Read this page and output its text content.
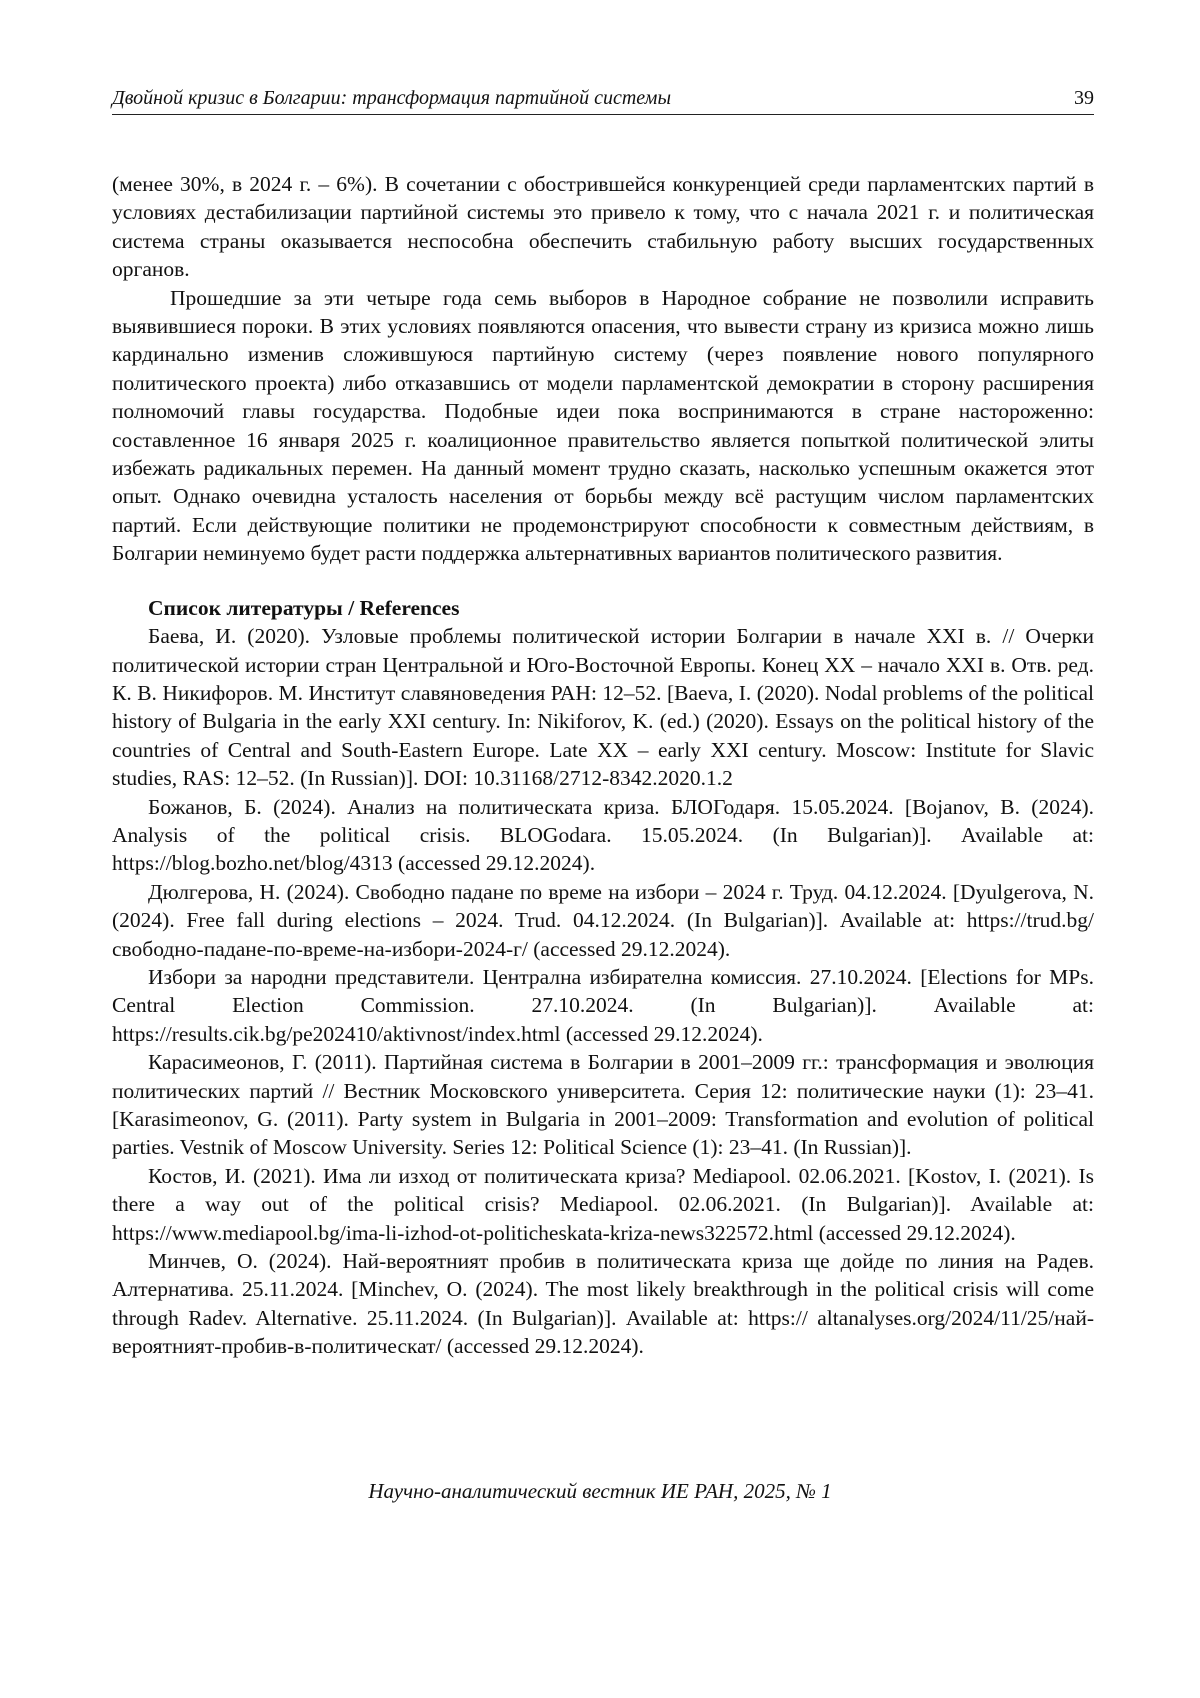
Двойной кризис в Болгарии: трансформация партийной системы	39

(менее 30%, в 2024 г. – 6%). В сочетании с обострившейся конкуренцией среди парламентских партий в условиях дестабилизации партийной системы это привело к тому, что с начала 2021 г. и политическая система страны оказывается неспособна обеспечить стабильную работу высших государственных органов.

Прошедшие за эти четыре года семь выборов в Народное собрание не позволили исправить выявившиеся пороки. В этих условиях появляются опасения, что вывести страну из кризиса можно лишь кардинально изменив сложившуюся партийную систему (через появление нового популярного политического проекта) либо отказавшись от модели парламентской демократии в сторону расширения полномочий главы государства. Подобные идеи пока воспринимаются в стране настороженно: составленное 16 января 2025 г. коалиционное правительство является попыткой политической элиты избежать радикальных перемен. На данный момент трудно сказать, насколько успешным окажется этот опыт. Однако очевидна усталость населения от борьбы между всё растущим числом парламентских партий. Если действующие политики не продемонстрируют способности к совместным действиям, в Болгарии неминуемо будет расти поддержка альтернативных вариантов политического развития.

Список литературы / References

Баева, И. (2020). Узловые проблемы политической истории Болгарии в начале XXI в. // Очерки политической истории стран Центральной и Юго-Восточной Европы. Конец XX – начало XXI в. Отв. ред. К. В. Никифоров. М. Институт славяноведения РАН: 12–52. [Baeva, I. (2020). Nodal problems of the political history of Bulgaria in the early XXI century. In: Nikiforov, K. (ed.) (2020). Essays on the political history of the countries of Central and South-Eastern Europe. Late XX – early XXI century. Moscow: Institute for Slavic studies, RAS: 12–52. (In Russian)]. DOI: 10.31168/2712-8342.2020.1.2

Божанов, Б. (2024). Анализ на политическата криза. БЛОГодаря. 15.05.2024. [Bojanov, B. (2024). Analysis of the political crisis. BLOGodara. 15.05.2024. (In Bulgarian)]. Available at: https://blog.bozho.net/blog/4313 (accessed 29.12.2024).

Дюлгерова, Н. (2024). Свободно падане по време на избори – 2024 г. Труд. 04.12.2024. [Dyulgerova, N. (2024). Free fall during elections – 2024. Trud. 04.12.2024. (In Bulgarian)]. Available at: https://trud.bg/свободно-падане-по-време-на-избори-2024-г/ (accessed 29.12.2024).

Избори за народни представители. Централна избирателна комиссия. 27.10.2024. [Elections for MPs. Central Election Commission. 27.10.2024. (In Bulgarian)]. Available at: https://results.cik.bg/pe202410/aktivnost/index.html (accessed 29.12.2024).

Карасимеонов, Г. (2011). Партийная система в Болгарии в 2001–2009 гг.: трансформация и эволюция политических партий // Вестник Московского университета. Серия 12: политические науки (1): 23–41. [Karasimeonov, G. (2011). Party system in Bulgaria in 2001–2009: Transformation and evolution of political parties. Vestnik of Moscow University. Series 12: Political Science (1): 23–41. (In Russian)].

Костов, И. (2021). Има ли изход от политическата криза? Mediapool. 02.06.2021. [Kostov, I. (2021). Is there a way out of the political crisis? Mediapool. 02.06.2021. (In Bulgarian)]. Available at: https://www.mediapool.bg/ima-li-izhod-ot-politicheskata-kriza-news322572.html (accessed 29.12.2024).

Минчев, О. (2024). Най-вероятният пробив в политическата криза ще дойде по линия на Радев. Алтернатива. 25.11.2024. [Minchev, O. (2024). The most likely breakthrough in the political crisis will come through Radev. Alternative. 25.11.2024. (In Bulgarian)]. Available at: https:// altanalyses.org/2024/11/25/най-вероятният-пробив-в-политическат/ (accessed 29.12.2024).

Научно-аналитический вестник ИЕ РАН, 2025, № 1
